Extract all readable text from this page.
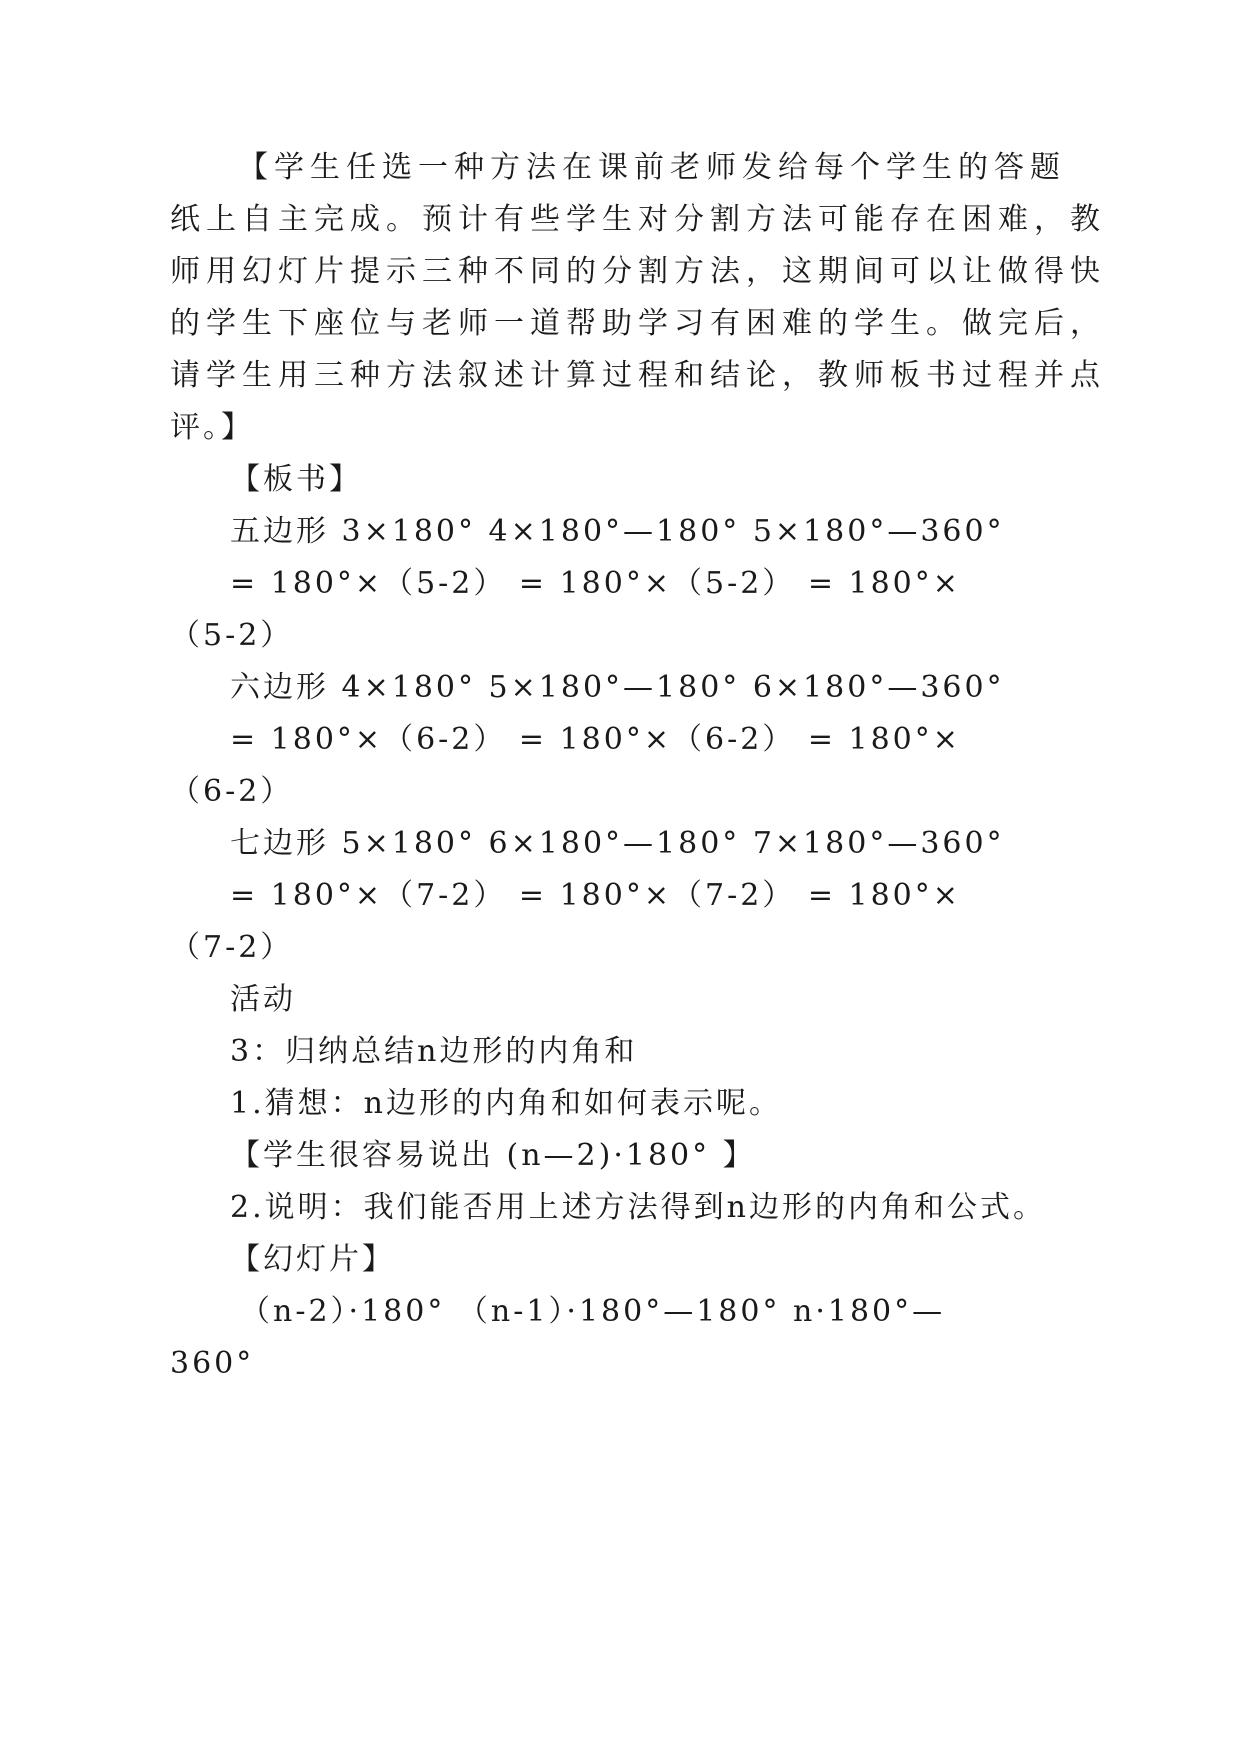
【学生任选一种方法在课前老师发给每个学生的答题
纸上自主完成。预计有些学生对分割方法可能存在困难，教
师用幻灯片提示三种不同的分割方法，这期间可以让做得快
的学生下座位与老师一道帮助学习有困难的学生。做完后，
请学生用三种方法叙述计算过程和结论，教师板书过程并点
评。】
【板书】
五边形 3×180° 4×180°—180° 5×180°—360°
= 180°×（5-2） = 180°×（5-2） = 180°×
（5-2）
六边形 4×180° 5×180°—180° 6×180°—360°
= 180°×（6-2） = 180°×（6-2） = 180°×
（6-2）
七边形 5×180° 6×180°—180° 7×180°—360°
= 180°×（7-2） = 180°×（7-2） = 180°×
（7-2）
活动
3：归纳总结n边形的内角和
1.猜想：n边形的内角和如何表示呢。
【学生很容易说出 (n—2)·180° 】
2.说明：我们能否用上述方法得到n边形的内角和公式。
【幻灯片】
（n-2）·180° （n-1）·180°—180° n·180°—
360°
